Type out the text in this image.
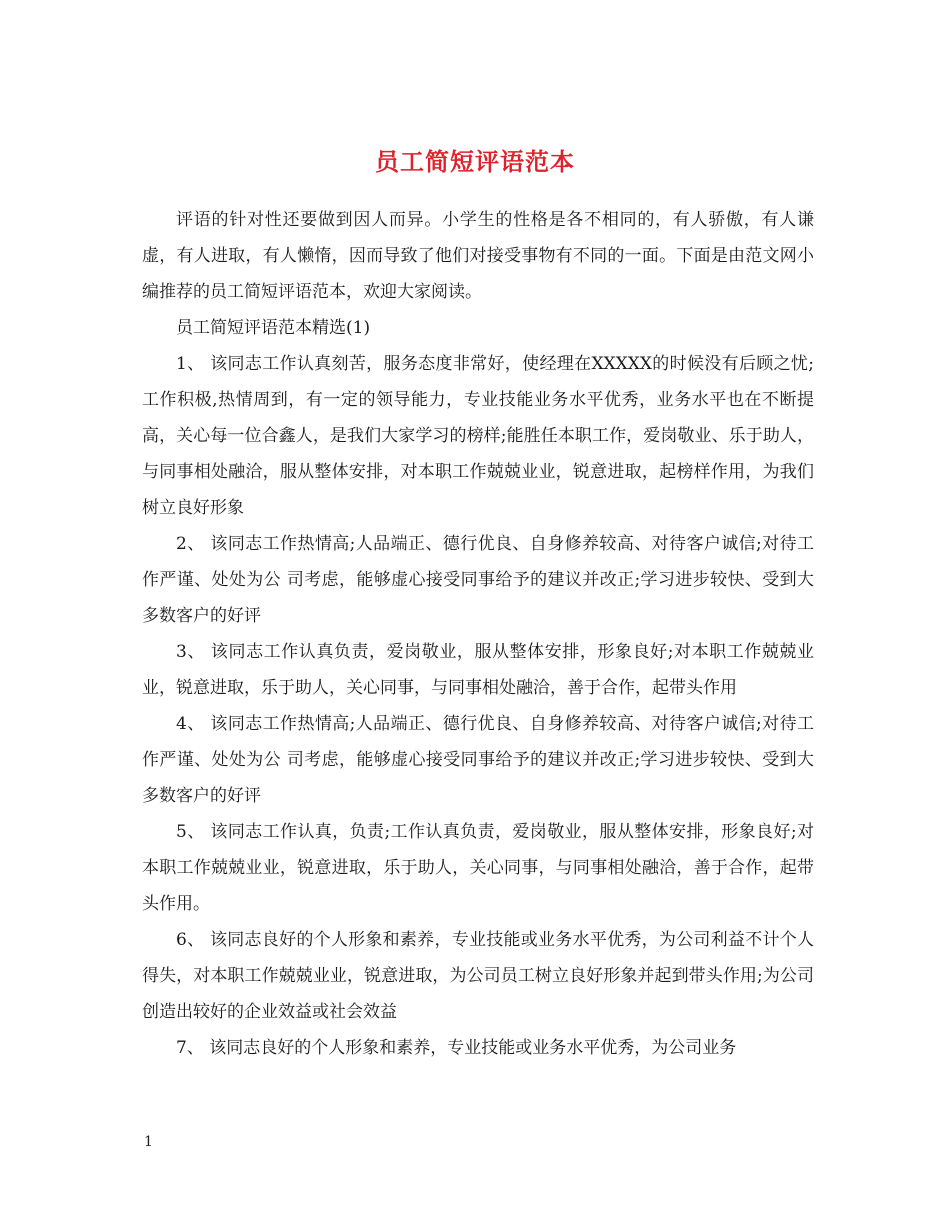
员工简短评语范本

评语的针对性还要做到因人而异。小学生的性格是各不相同的，有人骄傲，有人谦虚，有人进取，有人懒惰，因而导致了他们对接受事物有不同的一面。下面是由范文网小编推荐的员工简短评语范本，欢迎大家阅读。

员工简短评语范本精选(1)

1、 该同志工作认真刻苦，服务态度非常好，使经理在XXXXX的时候没有后顾之忧;工作积极,热情周到，有一定的领导能力，专业技能业务水平优秀，业务水平也在不断提高，关心每一位合鑫人，是我们大家学习的榜样;能胜任本职工作，爱岗敬业、乐于助人，与同事相处融洽，服从整体安排，对本职工作兢兢业业，锐意进取，起榜样作用，为我们树立良好形象

2、 该同志工作热情高;人品端正、德行优良、自身修养较高、对待客户诚信;对待工作严谨、处处为公 司考虑，能够虚心接受同事给予的建议并改正;学习进步较快、受到大多数客户的好评

3、 该同志工作认真负责，爱岗敬业，服从整体安排，形象良好;对本职工作兢兢业业，锐意进取，乐于助人，关心同事，与同事相处融洽，善于合作，起带头作用

4、 该同志工作热情高;人品端正、德行优良、自身修养较高、对待客户诚信;对待工作严谨、处处为公 司考虑，能够虚心接受同事给予的建议并改正;学习进步较快、受到大多数客户的好评

5、 该同志工作认真，负责;工作认真负责，爱岗敬业，服从整体安排，形象良好;对本职工作兢兢业业，锐意进取，乐于助人，关心同事，与同事相处融洽，善于合作，起带头作用。

6、 该同志良好的个人形象和素养，专业技能或业务水平优秀，为公司利益不计个人得失，对本职工作兢兢业业，锐意进取，为公司员工树立良好形象并起到带头作用;为公司创造出较好的企业效益或社会效益

7、 该同志良好的个人形象和素养，专业技能或业务水平优秀，为公司业务

1
